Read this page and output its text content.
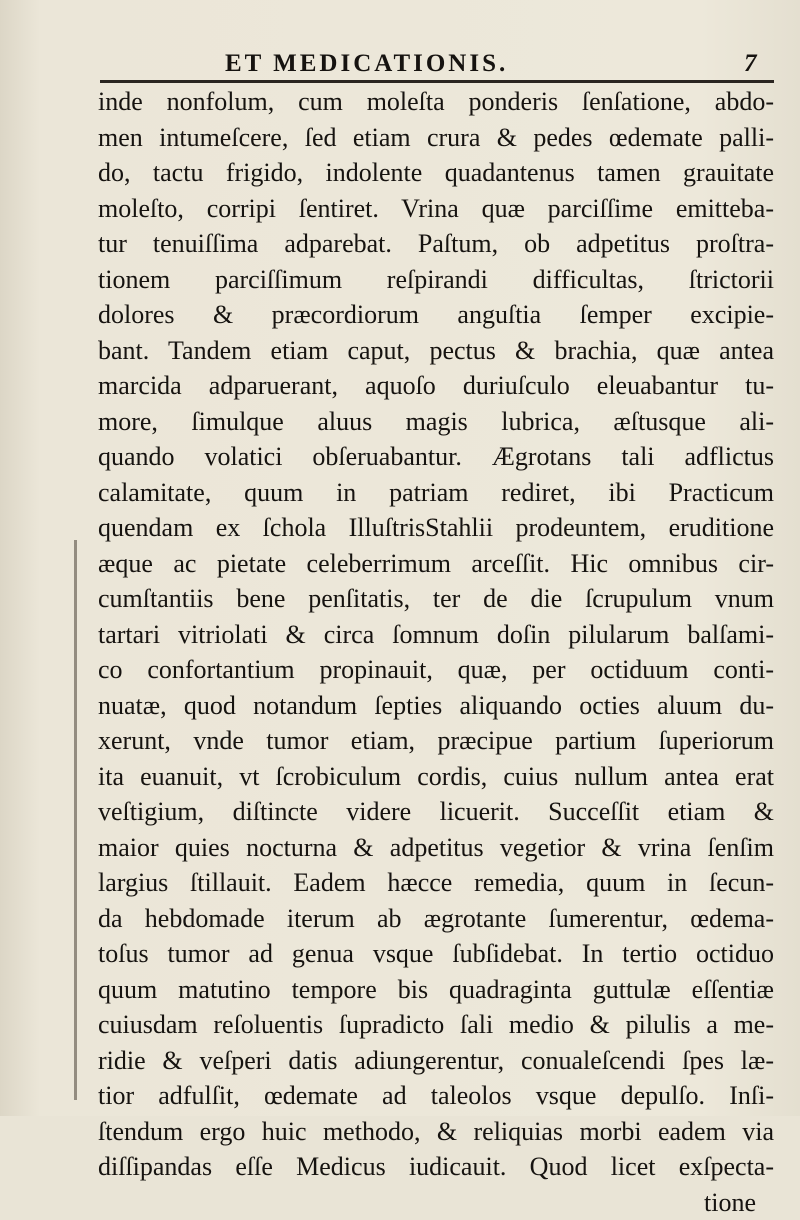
ET MEDICATIONIS.	7
inde nonfolum, cum moleſta ponderis ſenſatione, abdo-
men intumeſcere, ſed etiam crura & pedes œdemate palli-
do, tactu frigido, indolente quadantenus tamen grauitate
moleſto, corripi ſentiret. Vrina quæ parciſſime emitteba-
tur tenuiſſima adparebat. Paſtum, ob adpetitus proſtra-
tionem parciſſimum reſpirandi difficultas, ſtrictorii
dolores & præcordiorum anguſtia ſemper excipie-
bant. Tandem etiam caput, pectus & brachia, quæ antea
marcida adparuerant, aquoſo duriuſculo eleuabantur tu-
more, ſimulque aluus magis lubrica, æſtusque ali-
quando volatici obſeruabantur. Ægrotans tali adflictus
calamitate, quum in patriam rediret, ibi Practicum
quendam ex ſchola IlluſtrisStahlii prodeuntem, eruditione
æque ac pietate celeberrimum arceſſit. Hic omnibus cir-
cumſtantiis bene penſitatis, ter de die ſcrupulum vnum
tartari vitriolati & circa ſomnum doſin pilularum balſami-
co confortantium propinauit, quæ, per octiduum conti-
nuatæ, quod notandum ſepties aliquando octies aluum du-
xerunt, vnde tumor etiam, præcipue partium ſuperiorum
ita euanuit, vt ſcrobiculum cordis, cuius nullum antea erat
veſtigium, diſtincte videre licuerit. Succeſſit etiam &
maior quies nocturna & adpetitus vegetior & vrina ſenſim
largius ſtillauit. Eadem hæcce remedia, quum in ſecun-
da hebdomade iterum ab ægrotante ſumerentur, œdema-
toſus tumor ad genua vsque ſubſidebat. In tertio octiduo
quum matutino tempore bis quadraginta guttulæ eſſentiæ
cuiusdam reſoluentis ſupradicto ſali medio & pilulis a me-
ridie & veſperi datis adiungerentur, conualeſcendi ſpes læ-
tior adfulſit, œdemate ad taleolos vsque depulſo. Inſi-
ſtendum ergo huic methodo, & reliquias morbi eadem via
diſſipandas eſſe Medicus iudicauit. Quod licet exſpecta-
tione
